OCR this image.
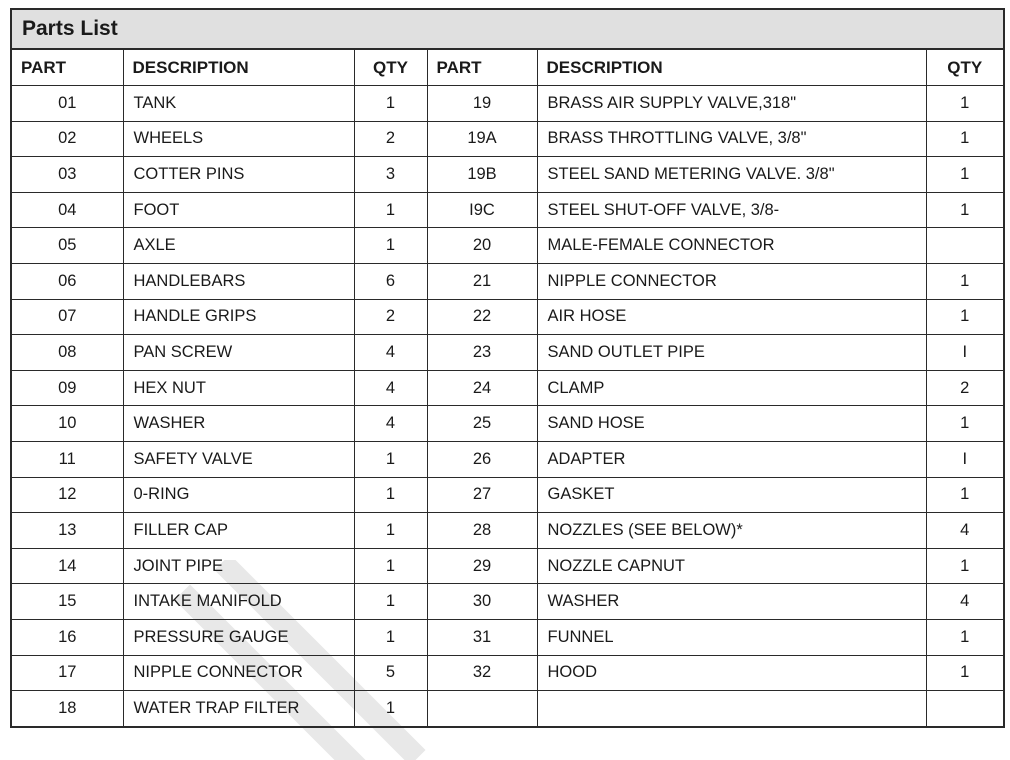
Parts List
PART	DESCRIPTION	QTY	PART	DESCRIPTION	QTY
01	TANK	1	19	BRASS AIR SUPPLY VALVE,318"	1
02	WHEELS	2	19A	BRASS THROTTLING VALVE, 3/8"	1
03	COTTER PINS	3	19B	STEEL SAND METERING VALVE. 3/8"	1
04	FOOT	1	I9C	STEEL SHUT-OFF VALVE, 3/8-	1
05	AXLE	1	20	MALE-FEMALE CONNECTOR	
06	HANDLEBARS	6	21	NIPPLE CONNECTOR	1
07	HANDLE GRIPS	2	22	AIR HOSE	1
08	PAN SCREW	4	23	SAND OUTLET PIPE	I
09	HEX NUT	4	24	CLAMP	2
10	WASHER	4	25	SAND HOSE	1
11	SAFETY VALVE	1	26	ADAPTER	I
12	0-RING	1	27	GASKET	1
13	FILLER CAP	1	28	NOZZLES (SEE BELOW)*	4
14	JOINT PIPE	1	29	NOZZLE CAPNUT	1
15	INTAKE MANIFOLD	1	30	WASHER	4
16	PRESSURE GAUGE	1	31	FUNNEL	1
17	NIPPLE CONNECTOR	5	32	HOOD	1
18	WATER TRAP FILTER	1			
